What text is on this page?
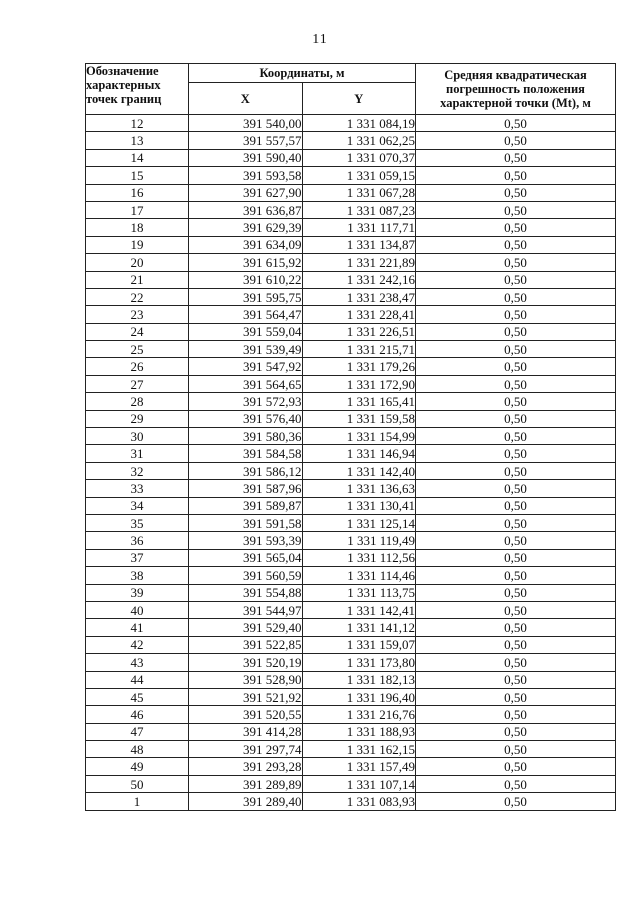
11
Обозначение характерных точек границ	Координаты, м		Средняя квадратическая погрешность положения характерной точки (Mt), м
	X	Y	
12	391 540,00	1 331 084,19	0,50
13	391 557,57	1 331 062,25	0,50
14	391 590,40	1 331 070,37	0,50
15	391 593,58	1 331 059,15	0,50
16	391 627,90	1 331 067,28	0,50
17	391 636,87	1 331 087,23	0,50
18	391 629,39	1 331 117,71	0,50
19	391 634,09	1 331 134,87	0,50
20	391 615,92	1 331 221,89	0,50
21	391 610,22	1 331 242,16	0,50
22	391 595,75	1 331 238,47	0,50
23	391 564,47	1 331 228,41	0,50
24	391 559,04	1 331 226,51	0,50
25	391 539,49	1 331 215,71	0,50
26	391 547,92	1 331 179,26	0,50
27	391 564,65	1 331 172,90	0,50
28	391 572,93	1 331 165,41	0,50
29	391 576,40	1 331 159,58	0,50
30	391 580,36	1 331 154,99	0,50
31	391 584,58	1 331 146,94	0,50
32	391 586,12	1 331 142,40	0,50
33	391 587,96	1 331 136,63	0,50
34	391 589,87	1 331 130,41	0,50
35	391 591,58	1 331 125,14	0,50
36	391 593,39	1 331 119,49	0,50
37	391 565,04	1 331 112,56	0,50
38	391 560,59	1 331 114,46	0,50
39	391 554,88	1 331 113,75	0,50
40	391 544,97	1 331 142,41	0,50
41	391 529,40	1 331 141,12	0,50
42	391 522,85	1 331 159,07	0,50
43	391 520,19	1 331 173,80	0,50
44	391 528,90	1 331 182,13	0,50
45	391 521,92	1 331 196,40	0,50
46	391 520,55	1 331 216,76	0,50
47	391 414,28	1 331 188,93	0,50
48	391 297,74	1 331 162,15	0,50
49	391 293,28	1 331 157,49	0,50
50	391 289,89	1 331 107,14	0,50
1	391 289,40	1 331 083,93	0,50
